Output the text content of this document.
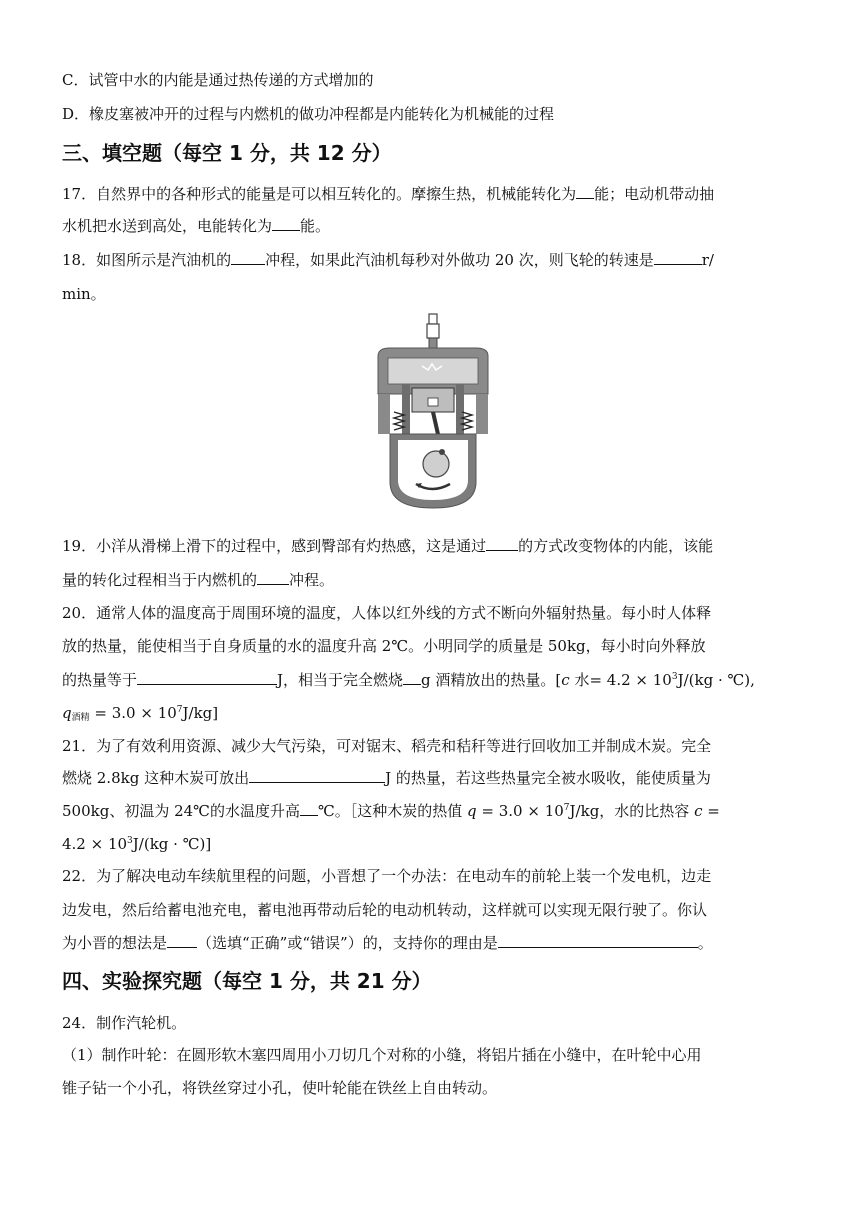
C．试管中水的内能是通过热传递的方式增加的
D．橡皮塞被冲开的过程与内燃机的做功冲程都是内能转化为机械能的过程
三、填空题（每空 1 分，共 12 分）
17．自然界中的各种形式的能量是可以相互转化的。摩擦生热，机械能转化为 能；电动机带动抽
水机把水送到高处，电能转化为 能。
18．如图所示是汽油机的 冲程，如果此汽油机每秒对外做功 20 次，则飞轮的转速是	r/
min。
19．小洋从滑梯上滑下的过程中，感到臀部有灼热感，这是通过 的方式改变物体的内能，该能
量的转化过程相当于内燃机的 冲程。
20．通常人体的温度高于周围环境的温度，人体以红外线的方式不断向外辐射热量。每小时人体释
放的热量，能使相当于自身质量的水的温度升高 2℃。小明同学的质量是 50kg，每小时向外释放
的热量等于	J，相当于完全燃烧 g 酒精放出的热量。[c 水= $4.2 \times 10^3J/(kg$ · ℃),
$q_{酒精} = 3.0 \times 10^7J/kg$]
21．为了有效利用资源、减少大气污染，可对锯末、稻壳和秸秆等进行回收加工并制成木炭。完全
燃烧 2.8kg 这种木炭可放出	J 的热量，若这些热量完全被水吸收，能使质量为
500kg、初温为 24℃的水温度升高 ℃。［这种木炭的热值 $q = 3.0 \times 10^7J/kg$，水的比热容 c =
$4.2 \times 10^3J/(kg$ · ℃)]
22．为了解决电动车续航里程的问题，小晋想了一个办法：在电动车的前轮上装一个发电机，边走
边发电，然后给蓄电池充电，蓄电池再带动后轮的电动机转动，这样就可以实现无限行驶了。你认
为小晋的想法是 （选填“正确”或“错误”）的，支持你的理由是	。
四、实验探究题（每空 1 分，共 21 分）
24．制作汽轮机。
（1）制作叶轮：在圆形软木塞四周用小刀切几个对称的小缝，将铝片插在小缝中，在叶轮中心用
锥子钻一个小孔，将铁丝穿过小孔，使叶轮能在铁丝上自由转动。
